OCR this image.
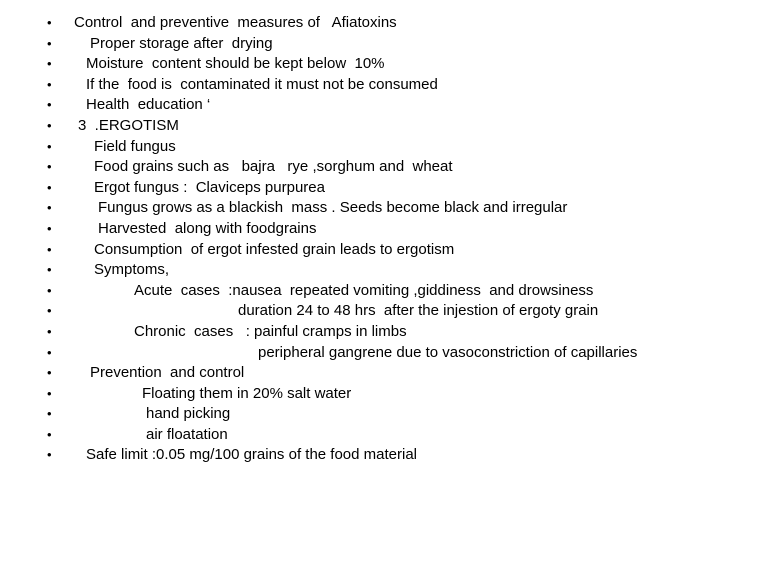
• Control  and preventive  measures of   Afiatoxins
•	Proper storage after  drying
• Moisture  content should be kept below  10%
• If the  food is  contaminated it must not be consumed
• Health  education ‘
• 3  .ERGOTISM
•	Field fungus
•	Food grains such as   bajra   rye ,sorghum and  wheat
•	Ergot fungus :  Claviceps purpurea
•	Fungus grows as a blackish  mass . Seeds become black and irregular
•	Harvested  along with foodgrains
•	Consumption  of ergot infested grain leads to ergotism
•	Symptoms,
•	Acute  cases  :nausea  repeated vomiting ,giddiness  and drowsiness
•	duration 24 to 48 hrs  after the injestion of ergoty grain
•	Chronic  cases   : painful cramps in limbs
•	peripheral gangrene due to vasoconstriction of capillaries
•	Prevention  and control
•	Floating them in 20% salt water
•	hand picking
•	air floatation
• Safe limit :0.05 mg/100 grains of the food material
